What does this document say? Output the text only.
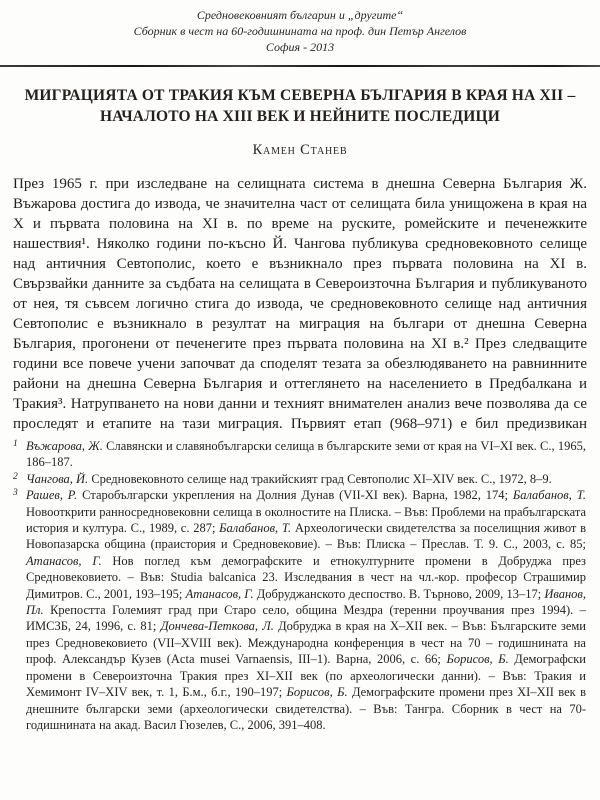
Средновековният българин и „другите“
Сборник в чест на 60-годишнината на проф. дин Петър Ангелов
София - 2013
МИГРАЦИЯТА ОТ ТРАКИЯ КЪМ СЕВЕРНА БЪЛГАРИЯ В КРАЯ НА XII – НАЧАЛОТО НА XIII ВЕК И НЕЙНИТЕ ПОСЛЕДИЦИ
Камен Станев

През 1965 г. при изследване на селищната система в днешна Северна България Ж. Въжарова достига до извода, че значителна част от селищата била унищожена в края на X и първата половина на XI в. по време на руските, ромейските и печенежките нашествия¹. Няколко години по-късно Й. Чангова публикува средновековното селище над античния Севтополис, което е възникнало през първата половина на XI в. Свързвайки данните за съдбата на селищата в Североизточна България и публикуваното от нея, тя съвсем логично стига до извода, че средновековното селище над античния Севтополис е възникнало в резултат на миграция на българи от днешна Северна България, прогонени от печенегите през първата половина на XI в.² През следващите години все повече учени започват да споделят тезата за обезлюдяването на равнинните райони на днешна Северна България и оттеглянето на населението в Предбалкана и Тракия³. Натрупването на нови данни и техният внимателен анализ вече позволява да се проследят и етапите на тази миграция. Първият етап (968–971) е бил предизвикан

1 Въжарова, Ж. Славянски и славянобългарски селища в българските земи от края на VI–XI век. С., 1965, 186–187.
2 Чангова, Й. Средновековното селище над тракийският град Севтополис XI–XIV век. С., 1972, 8–9.
3 Рашев, Р. Старобългарски укрепления на Долния Дунав (VII-XI век). Варна, 1982, 174; Балабанов, Т. Новооткрити ранносредновековни селища в околностите на Плиска. – Във: Проблеми на прабългарската история и култура. С., 1989, с. 287; Балабанов, Т. Археологически свидетелства за поселищния живот в Новопазарска община (праистория и Средновековие). – Във: Плиска – Преслав. Т. 9. С., 2003, с. 85; Атанасов, Г. Нов поглед към демографските и етнокултурните промени в Добруджа през Средновековието. – Във: Studia balcanica 23. Изследвания в чест на чл.-кор. професор Страшимир Димитров. С., 2001, 193–195; Атанасов, Г. Добруджанското деспоство. В. Търново, 2009, 13–17; Иванов, Пл. Крепостта Големият град при Старо село, община Мездра (теренни проучвания през 1994). – ИМСЗБ, 24, 1996, с. 81; Дончева-Петкова, Л. Добруджа в края на X–XII век. – Във: Българските земи през Средновековието (VII–XVIII век). Международна конференция в чест на 70 – годишнината на проф. Александър Кузев (Acta musei Varnaensis, III–1). Варна, 2006, с. 66; Борисов, Б. Демографски промени в Североизточна Тракия през XI–XII век (по археологически данни). – Във: Тракия и Хемимонт IV–XIV век, т. 1, Б.м., б.г., 190–197; Борисов, Б. Демографските промени през XI–XII век в днешните български земи (археологически свидетелства). – Във: Тангра. Сборник в чест на 70-годишнината на акад. Васил Гюзелев, С., 2006, 391–408.
